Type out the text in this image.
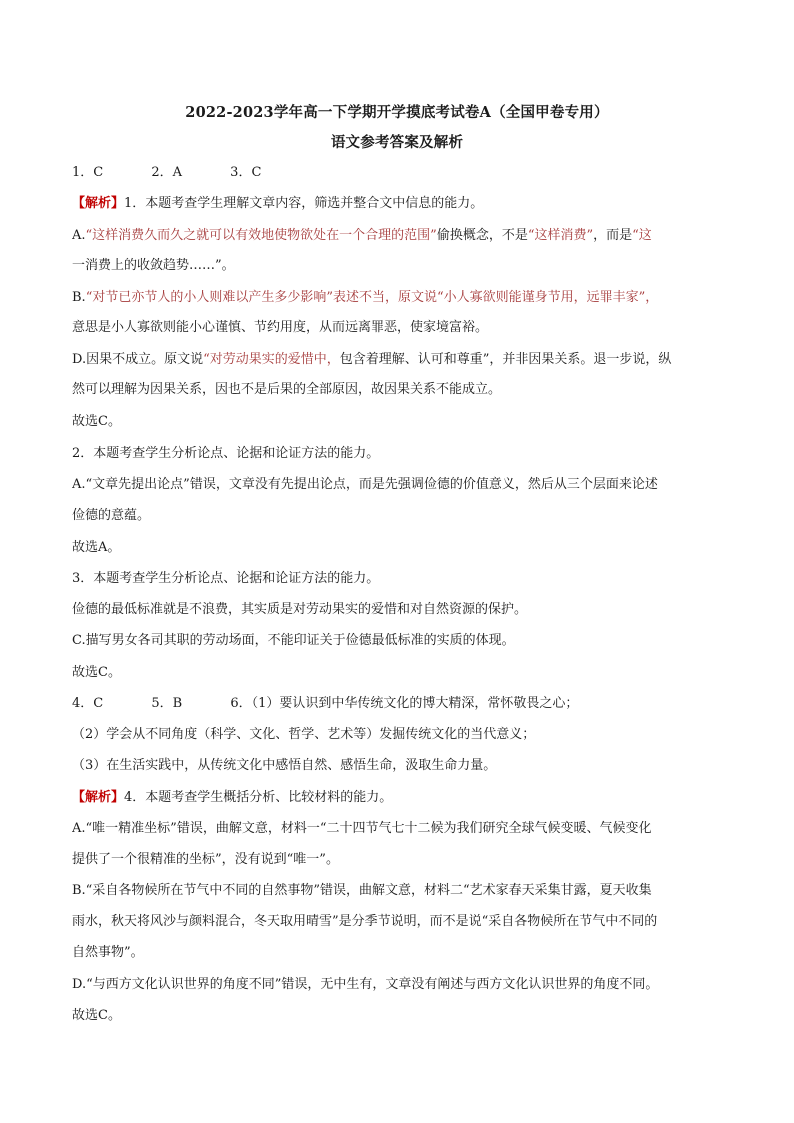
2022-2023学年高一下学期开学摸底考试卷A（全国甲卷专用）
语文参考答案及解析
1．C	2．A	3．C
【解析】1．本题考查学生理解文章内容，筛选并整合文中信息的能力。
A.“这样消费久而久之就可以有效地使物欲处在一个合理的范围”偷换概念，不是“这样消费”，而是“这
一消费上的收敛趋势……”。
B.“对节已亦节人的小人则难以产生多少影响”表述不当，原文说“小人寡欲则能谨身节用，远罪丰家”，
意思是小人寡欲则能小心谨慎、节约用度，从而远离罪恶，使家境富裕。
D.因果不成立。原文说“对劳动果实的爱惜中，包含着理解、认可和尊重”，并非因果关系。退一步说，纵
然可以理解为因果关系，因也不是后果的全部原因，故因果关系不能成立。
故选C。
2．本题考查学生分析论点、论据和论证方法的能力。
A.“文章先提出论点”错误，文章没有先提出论点，而是先强调俭德的价值意义，然后从三个层面来论述
俭德的意蕴。
故选A。
3．本题考查学生分析论点、论据和论证方法的能力。
俭德的最低标准就是不浪费，其实质是对劳动果实的爱惜和对自然资源的保护。
C.描写男女各司其职的劳动场面，不能印证关于俭德最低标准的实质的体现。
故选C。
4．C	5．B	6．（1）要认识到中华传统文化的博大精深，常怀敬畏之心；
（2）学会从不同角度（科学、文化、哲学、艺术等）发掘传统文化的当代意义；
（3）在生活实践中，从传统文化中感悟自然、感悟生命，汲取生命力量。
【解析】4．本题考查学生概括分析、比较材料的能力。
A.“唯一精准坐标”错误，曲解文意，材料一“二十四节气七十二候为我们研究全球气候变暖、气候变化
提供了一个很精准的坐标”，没有说到“唯一”。
B.“采自各物候所在节气中不同的自然事物”错误，曲解文意，材料二“艺术家春天采集甘露，夏天收集
雨水，秋天将风沙与颜料混合，冬天取用晴雪”是分季节说明，而不是说“采自各物候所在节气中不同的
自然事物”。
D.“与西方文化认识世界的角度不同”错误，无中生有，文章没有阐述与西方文化认识世界的角度不同。
故选C。
